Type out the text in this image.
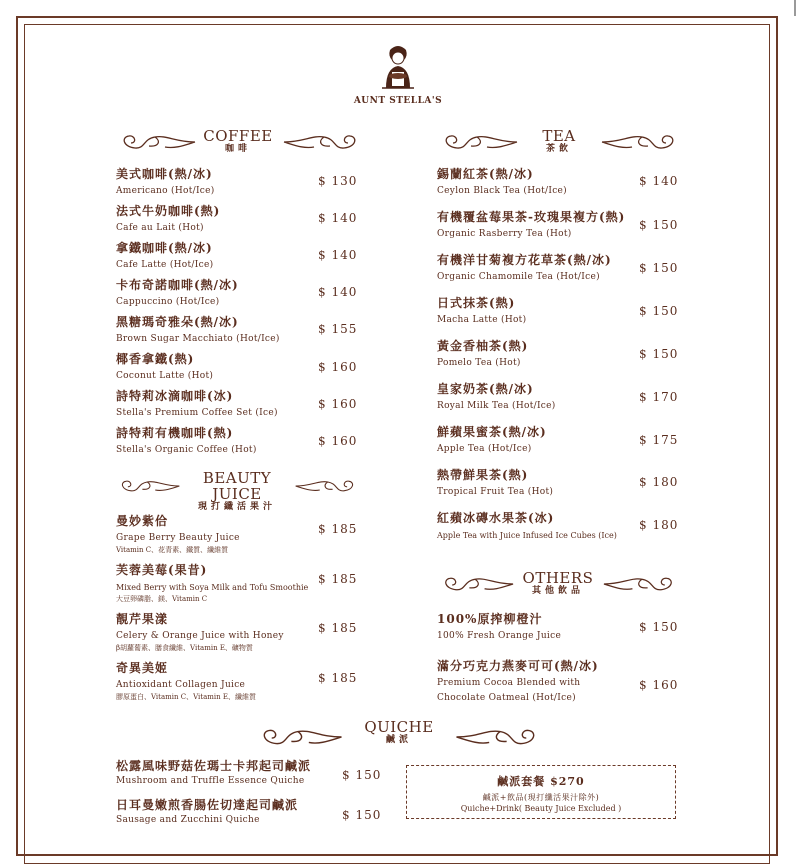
AUNT STELLA'S
COFFEE
咖啡
TEA
茶飲
BEAUTY JUICE
現打纖活果汁
OTHERS
其他飲品
QUICHE
鹹派
美式咖啡(熱/冰)
Americano (Hot/Ice)
$ 130
法式牛奶咖啡(熱)
Cafe au Lait (Hot)
$ 140
拿鐵咖啡(熱/冰)
Cafe Latte (Hot/Ice)
$ 140
卡布奇諾咖啡(熱/冰)
Cappuccino (Hot/Ice)
$ 140
黑糖瑪奇雅朵(熱/冰)
Brown Sugar Macchiato (Hot/Ice)
$ 155
椰香拿鐵(熱)
Coconut Latte (Hot)
$ 160
詩特莉冰滴咖啡(冰)
Stella's Premium Coffee Set (Ice)
$ 160
詩特莉有機咖啡(熱)
Stella's Organic Coffee (Hot)
$ 160
曼妙紫佮
Grape Berry Beauty Juice
Vitamin C、花青素、鐵質、纖維質
$ 185
芙蓉美莓(果昔)
Mixed Berry with Soya Milk and Tofu Smoothie
大豆卵磷脂、鎂、Vitamin C
$ 185
靚芹果漾
Celery & Orange Juice with Honey
β胡蘿蔔素、膳食纖維、Vitamin E、礦物質
$ 185
奇異美姬
Antioxidant Collagen Juice
膠原蛋白、Vitamin C、Vitamin E、纖維質
$ 185
錫蘭紅茶(熱/冰)
Ceylon Black Tea (Hot/Ice)
$ 140
有機覆盆莓果茶-玫瑰果複方(熱)
Organic Rasberry Tea (Hot)
$ 150
有機洋甘菊複方花草茶(熱/冰)
Organic Chamomile Tea (Hot/Ice)
$ 150
日式抹茶(熱)
Macha Latte (Hot)
$ 150
黃金香柚茶(熱)
Pomelo Tea (Hot)
$ 150
皇家奶茶(熱/冰)
Royal Milk Tea (Hot/Ice)
$ 170
鮮蘋果蜜茶(熱/冰)
Apple Tea (Hot/Ice)
$ 175
熱帶鮮果茶(熱)
Tropical Fruit Tea (Hot)
$ 180
紅蘋冰磚水果茶(冰)
Apple Tea with Juice Infused Ice Cubes (Ice)
$ 180
100%原搾柳橙汁
100% Fresh Orange Juice
$ 150
滿分巧克力燕麥可可(熱/冰)
Premium Cocoa Blended with
Chocolate Oatmeal (Hot/Ice)
$ 160
松露風味野菇佐瑪士卡邦起司鹹派
Mushroom and Truffle Essence Quiche	$ 150
日耳曼嫩煎香腸佐切達起司鹹派
Sausage and Zucchini Quiche	$ 150
鹹派套餐 $270
鹹派+飲品(現打纖活果汁除外)
Quiche+Drink( Beauty Juice Excluded )
